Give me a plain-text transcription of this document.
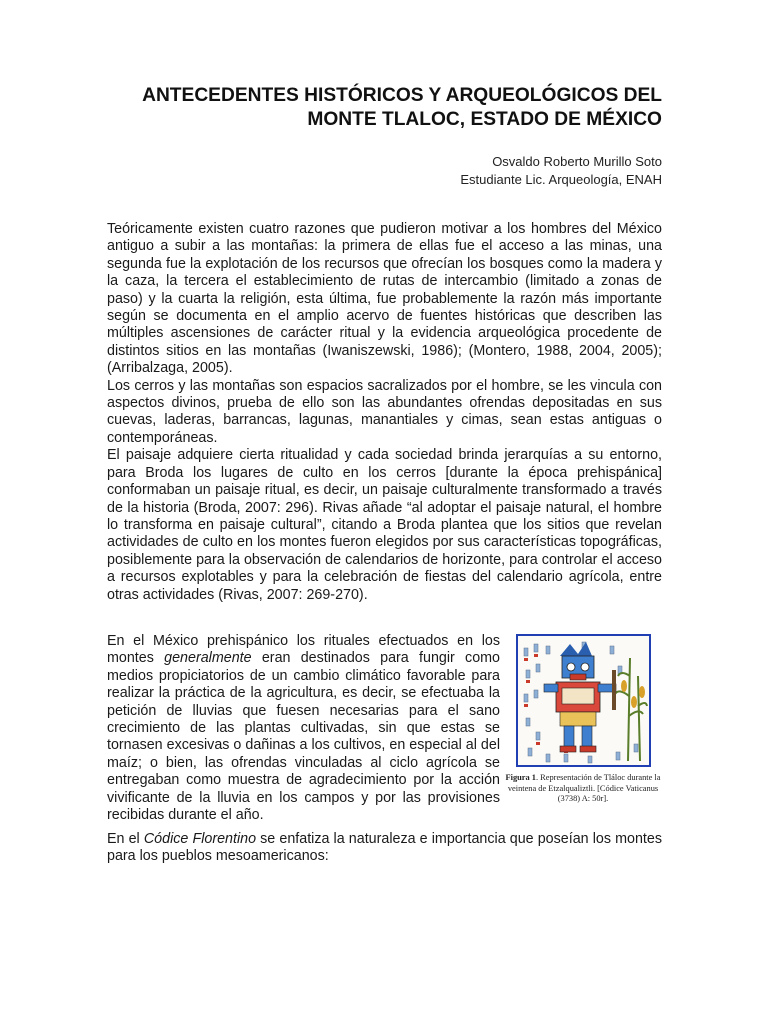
ANTECEDENTES HISTÓRICOS Y ARQUEOLÓGICOS DEL
MONTE TLALOC, ESTADO DE MÉXICO
Osvaldo Roberto Murillo Soto
Estudiante Lic. Arqueología, ENAH

Teóricamente existen cuatro razones que pudieron motivar a los hombres del México antiguo a subir a las montañas: la primera de ellas fue el acceso a las minas, una segunda fue la explotación de los recursos que ofrecían los bosques como la madera y la caza, la tercera el establecimiento de rutas de intercambio (limitado a zonas de paso) y la cuarta la religión, esta última, fue probablemente la razón más importante según se documenta en el amplio acervo de fuentes históricas que describen las múltiples ascensiones de carácter ritual y la evidencia arqueológica procedente de distintos sitios en las montañas (Iwaniszewski, 1986); (Montero, 1988, 2004, 2005); (Arribalzaga, 2005).

Los cerros y las montañas son espacios sacralizados por el hombre, se les vincula con aspectos divinos, prueba de ello son las abundantes ofrendas depositadas en sus cuevas, laderas, barrancas, lagunas, manantiales y cimas, sean estas antiguas o contemporáneas.

El paisaje adquiere cierta ritualidad y cada sociedad brinda jerarquías a su entorno, para Broda los lugares de culto en los cerros [durante la época prehispánica] conformaban un paisaje ritual, es decir, un paisaje culturalmente transformado a través de la historia (Broda, 2007: 296). Rivas añade “al adoptar el paisaje natural, el hombre lo transforma en paisaje cultural”, citando a Broda plantea que los sitios que revelan actividades de culto en los montes fueron elegidos por sus características topográficas, posiblemente para la observación de calendarios de horizonte, para controlar el acceso a recursos explotables y para la celebración de fiestas del calendario agrícola, entre otras actividades (Rivas, 2007: 269-270).

En el México prehispánico los rituales efectuados en los montes generalmente eran destinados para fungir como medios propiciatorios de un cambio climático favorable para realizar la práctica de la agricultura, es decir, se efectuaba la petición de lluvias que fuesen necesarias para el sano crecimiento de las plantas cultivadas, sin que estas se tornasen excesivas o dañinas a los cultivos, en especial al del maíz; o bien, las ofrendas vinculadas al ciclo agrícola se entregaban como muestra de agradecimiento por la acción vivificante de la lluvia en los campos y por las provisiones recibidas durante el año.

En el Códice Florentino se enfatiza la naturaleza e importancia que poseían los montes para los pueblos mesoamericanos:

Figura 1. Representación de Tláloc durante la veintena de Etzalqualiztli. [Códice Vaticanus (3738) A: 50r].
